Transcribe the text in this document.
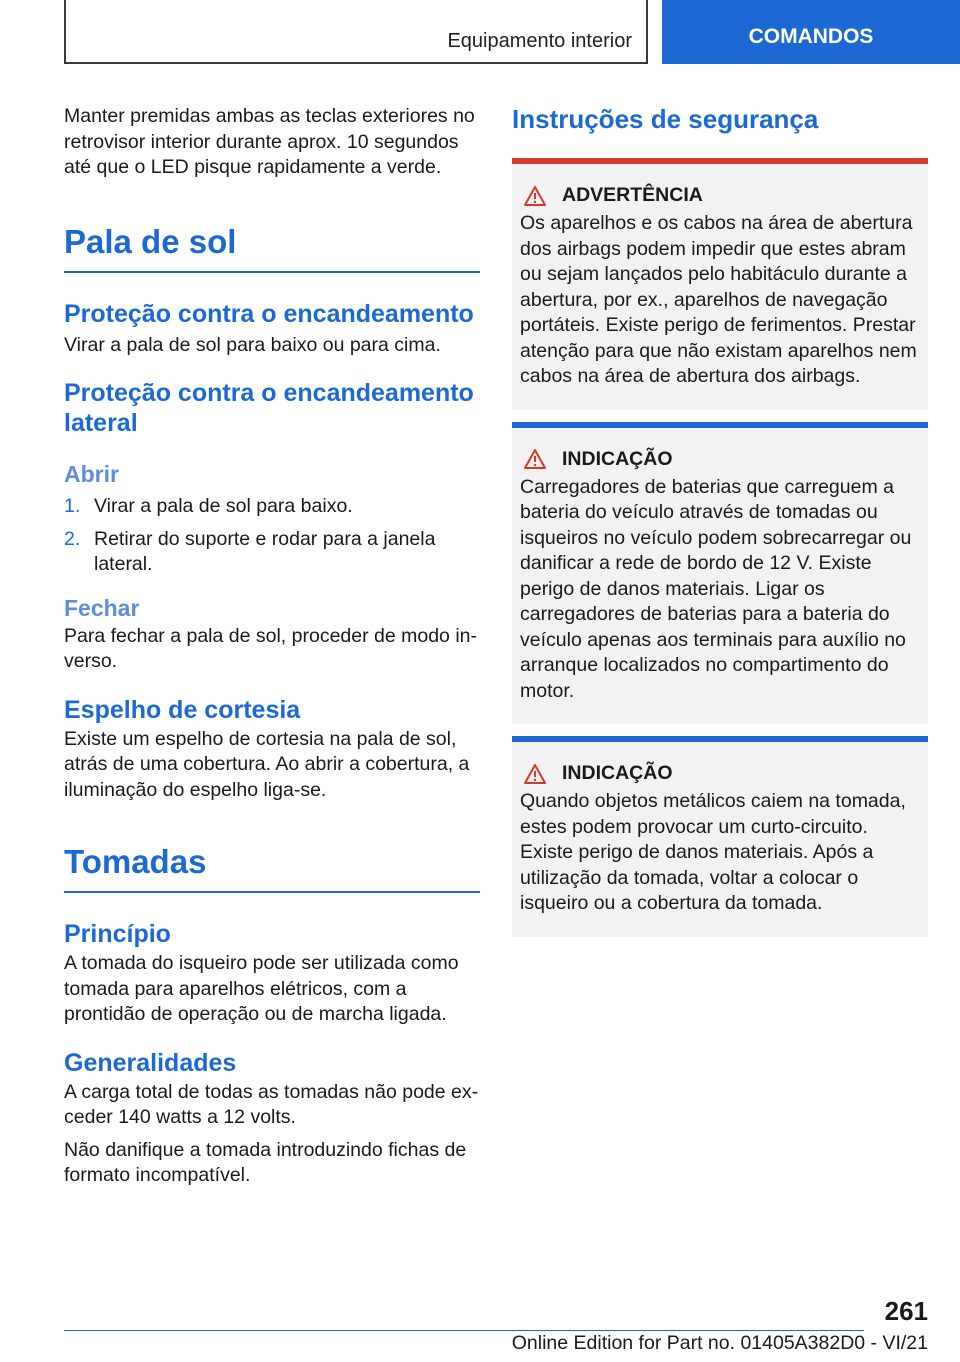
Equipamento interior	COMANDOS

Manter premidas ambas as teclas exteriores no retrovisor interior durante aprox. 10 segundos até que o LED pisque rapidamente a verde.

Pala de sol
Proteção contra o encandeamento

Virar a pala de sol para baixo ou para cima.

Proteção contra o encandeamento lateral
Abrir
1. Virar a pala de sol para baixo.
2. Retirar do suporte e rodar para a janela lateral.
Fechar

Para fechar a pala de sol, proceder de modo inverso.

Espelho de cortesia

Existe um espelho de cortesia na pala de sol, atrás de uma cobertura. Ao abrir a cobertura, a iluminação do espelho liga-se.

Tomadas
Princípio

A tomada do isqueiro pode ser utilizada como tomada para aparelhos elétricos, com a prontidão de operação ou de marcha ligada.

Generalidades

A carga total de todas as tomadas não pode exceder 140 watts a 12 volts.

Não danifique a tomada introduzindo fichas de formato incompatível.

Instruções de segurança
ADVERTÊNCIA

Os aparelhos e os cabos na área de abertura dos airbags podem impedir que estes abram ou sejam lançados pelo habitáculo durante a abertura, por ex., aparelhos de navegação portáteis. Existe perigo de ferimentos. Prestar atenção para que não existam aparelhos nem cabos na área de abertura dos airbags.

INDICAÇÃO

Carregadores de baterias que carreguem a bateria do veículo através de tomadas ou isqueiros no veículo podem sobrecarregar ou danificar a rede de bordo de 12 V. Existe perigo de danos materiais. Ligar os carregadores de baterias para a bateria do veículo apenas aos terminais para auxílio no arranque localizados no compartimento do motor.

INDICAÇÃO

Quando objetos metálicos caiem na tomada, estes podem provocar um curto-circuito. Existe perigo de danos materiais. Após a utilização da tomada, voltar a colocar o isqueiro ou a cobertura da tomada.

261
Online Edition for Part no. 01405A382D0 - VI/21
